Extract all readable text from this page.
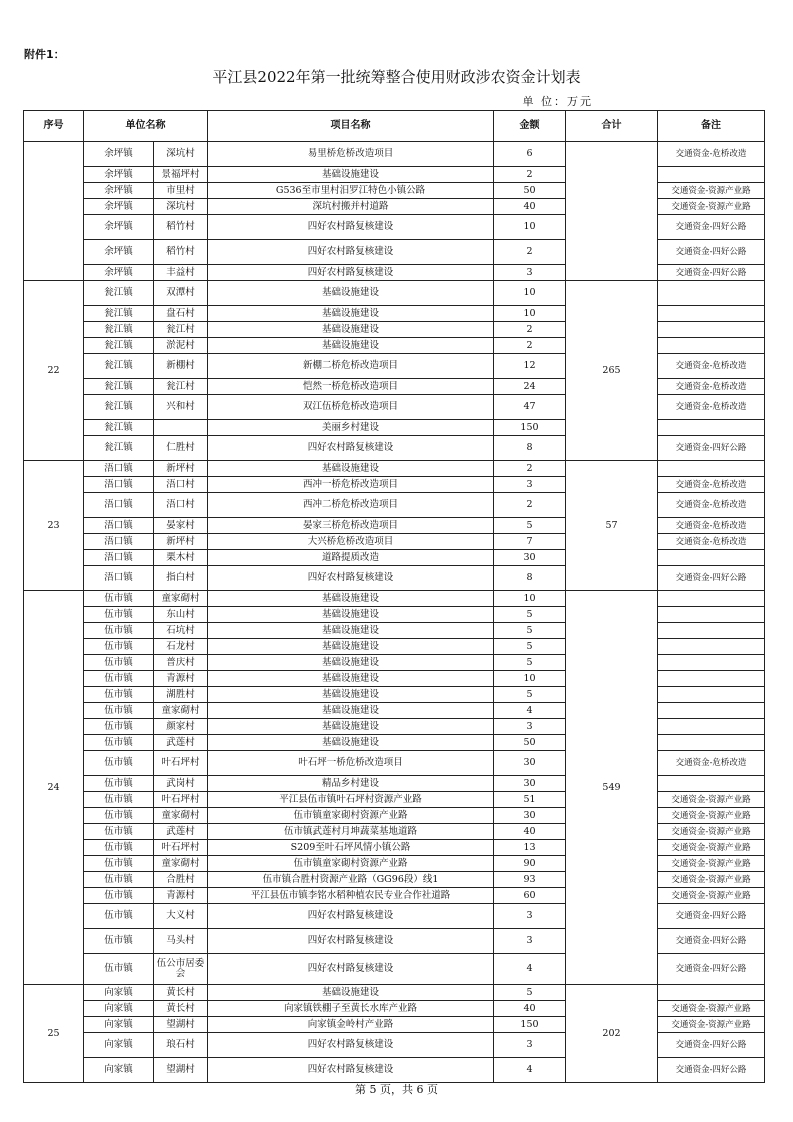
附件1：
平江县2022年第一批统筹整合使用财政涉农资金计划表
单 位：万元
序号	单位名称		项目名称	金额	合计	备注
	余坪镇	深坑村	易里桥危桥改造项目	6		交通资金-危桥改造
	余坪镇	景福坪村	基础设施建设	2		
	余坪镇	市里村	G536至市里村汨罗江特色小镇公路	50		交通资金-资源产业路
	余坪镇	深坑村	深坑村搬并村道路	40		交通资金-资源产业路
	余坪镇	稻竹村	四好农村路复核建设	10		交通资金-四好公路
	余坪镇	稻竹村	四好农村路复核建设	2		交通资金-四好公路
	余坪镇	丰益村	四好农村路复核建设	3		交通资金-四好公路
22	瓮江镇	双潭村	基础设施建设	10	265	
	瓮江镇	盘石村	基础设施建设	10		
	瓮江镇	瓮江村	基础设施建设	2		
	瓮江镇	淤泥村	基础设施建设	2		
	瓮江镇	新棚村	新棚二桥危桥改造项目	12		交通资金-危桥改造
	瓮江镇	瓮江村	恺然一桥危桥改造项目	24		交通资金-危桥改造
	瓮江镇	兴和村	双江伍桥危桥改造项目	47		交通资金-危桥改造
	瓮江镇		美丽乡村建设	150		
	瓮江镇	仁胜村	四好农村路复核建设	8		交通资金-四好公路
23	浯口镇	新坪村	基础设施建设	2	57	
	浯口镇	浯口村	西冲一桥危桥改造项目	3		交通资金-危桥改造
	浯口镇	浯口村	西冲二桥危桥改造项目	2		交通资金-危桥改造
	浯口镇	晏家村	晏家三桥危桥改造项目	5		交通资金-危桥改造
	浯口镇	新坪村	大兴桥危桥改造项目	7		交通资金-危桥改造
	浯口镇	栗木村	道路提质改造	30		
	浯口镇	指白村	四好农村路复核建设	8		交通资金-四好公路
24	伍市镇	童家砌村	基础设施建设	10	549	
	伍市镇	东山村	基础设施建设	5		
	伍市镇	石坑村	基础设施建设	5		
	伍市镇	石龙村	基础设施建设	5		
	伍市镇	普庆村	基础设施建设	5		
	伍市镇	青源村	基础设施建设	10		
	伍市镇	湖胜村	基础设施建设	5		
	伍市镇	童家砌村	基础设施建设	4		
	伍市镇	颜家村	基础设施建设	3		
	伍市镇	武莲村	基础设施建设	50		
	伍市镇	叶石坪村	叶石坪一桥危桥改造项目	30		交通资金-危桥改造
	伍市镇	武岗村	精品乡村建设	30		
	伍市镇	叶石坪村	平江县伍市镇叶石坪村资源产业路	51		交通资金-资源产业路
	伍市镇	童家砌村	伍市镇童家砌村资源产业路	30		交通资金-资源产业路
	伍市镇	武莲村	伍市镇武莲村月坤蔬菜基地道路	40		交通资金-资源产业路
	伍市镇	叶石坪村	S209至叶石坪风情小镇公路	13		交通资金-资源产业路
	伍市镇	童家砌村	伍市镇童家砌村资源产业路	90		交通资金-资源产业路
	伍市镇	合胜村	伍市镇合胜村资源产业路（GG96段）线1	93		交通资金-资源产业路
	伍市镇	青源村	平江县伍市镇李铭水稻种植农民专业合作社道路	60		交通资金-资源产业路
	伍市镇	大义村	四好农村路复核建设	3		交通资金-四好公路
	伍市镇	马头村	四好农村路复核建设	3		交通资金-四好公路
	伍市镇	伍公市居委会	四好农村路复核建设	4		交通资金-四好公路
25	向家镇	黄长村	基础设施建设	5	202	
	向家镇	黄长村	向家镇铁棚子至黄长水库产业路	40		交通资金-资源产业路
	向家镇	望湖村	向家镇金岭村产业路	150		交通资金-资源产业路
	向家镇	琅石村	四好农村路复核建设	3		交通资金-四好公路
	向家镇	望湖村	四好农村路复核建设	4		交通资金-四好公路
第 5 页，共 6 页
